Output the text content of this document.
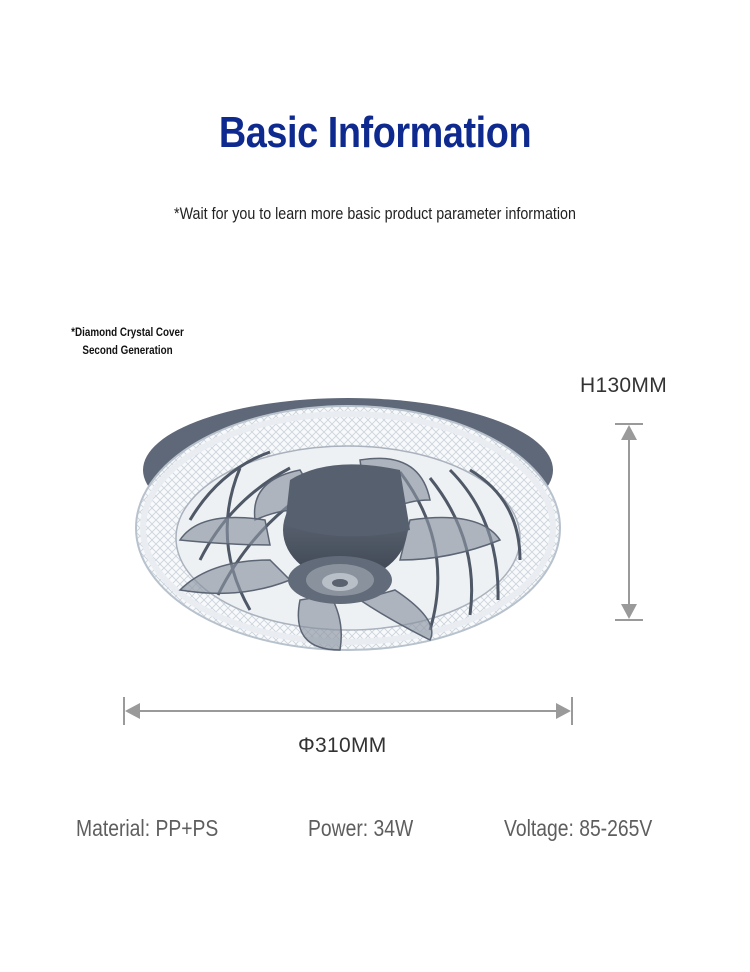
Basic Information
*Wait for you to learn more basic product parameter information
*Diamond Crystal Cover Second Generation
H130MM
Φ310MM
Material: PP+PS	Power: 34W	Voltage: 85-265V
